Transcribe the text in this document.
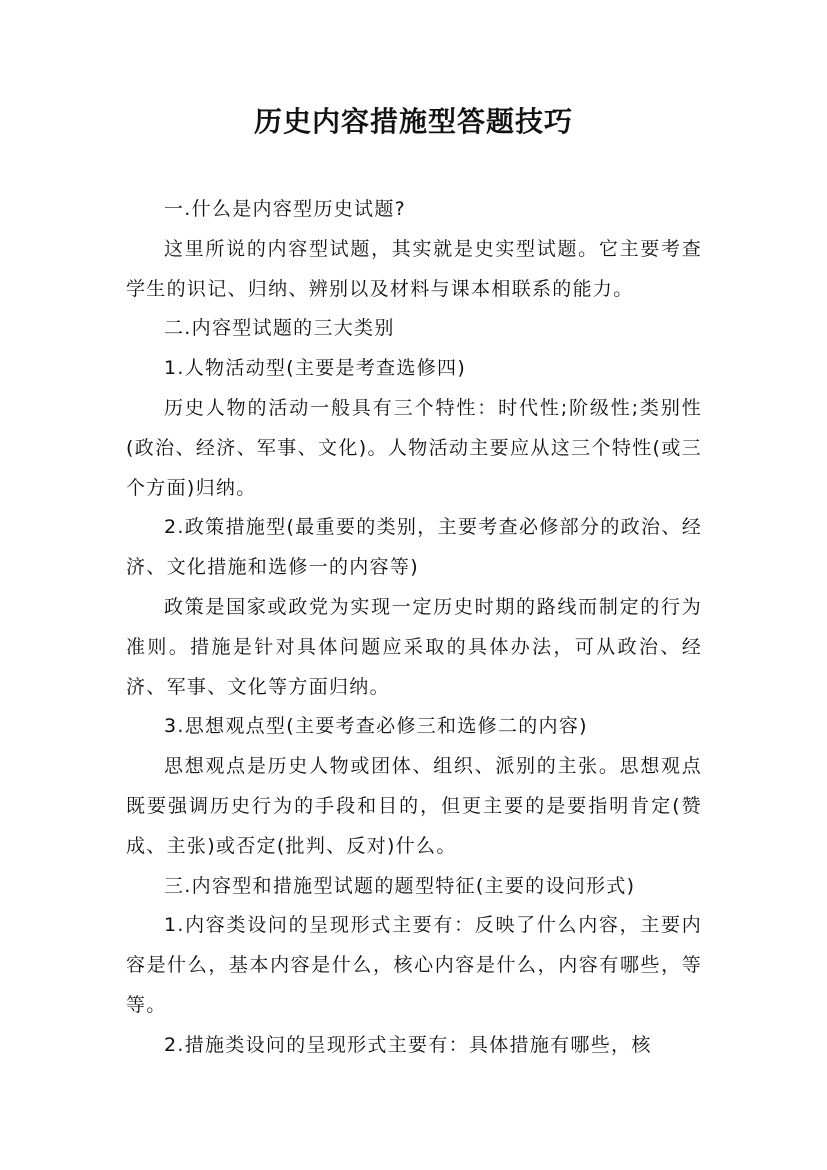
历史内容措施型答题技巧

一.什么是内容型历史试题?

这里所说的内容型试题，其实就是史实型试题。它主要考查学生的识记、归纳、辨别以及材料与课本相联系的能力。

二.内容型试题的三大类别

1.人物活动型(主要是考查选修四)

历史人物的活动一般具有三个特性：时代性;阶级性;类别性(政治、经济、军事、文化)。人物活动主要应从这三个特性(或三个方面)归纳。

2.政策措施型(最重要的类别，主要考查必修部分的政治、经济、文化措施和选修一的内容等)

政策是国家或政党为实现一定历史时期的路线而制定的行为准则。措施是针对具体问题应采取的具体办法，可从政治、经济、军事、文化等方面归纳。

3.思想观点型(主要考查必修三和选修二的内容)

思想观点是历史人物或团体、组织、派别的主张。思想观点既要强调历史行为的手段和目的，但更主要的是要指明肯定(赞成、主张)或否定(批判、反对)什么。

三.内容型和措施型试题的题型特征(主要的设问形式)

1.内容类设问的呈现形式主要有：反映了什么内容，主要内容是什么，基本内容是什么，核心内容是什么，内容有哪些，等等。

2.措施类设问的呈现形式主要有：具体措施有哪些，核
